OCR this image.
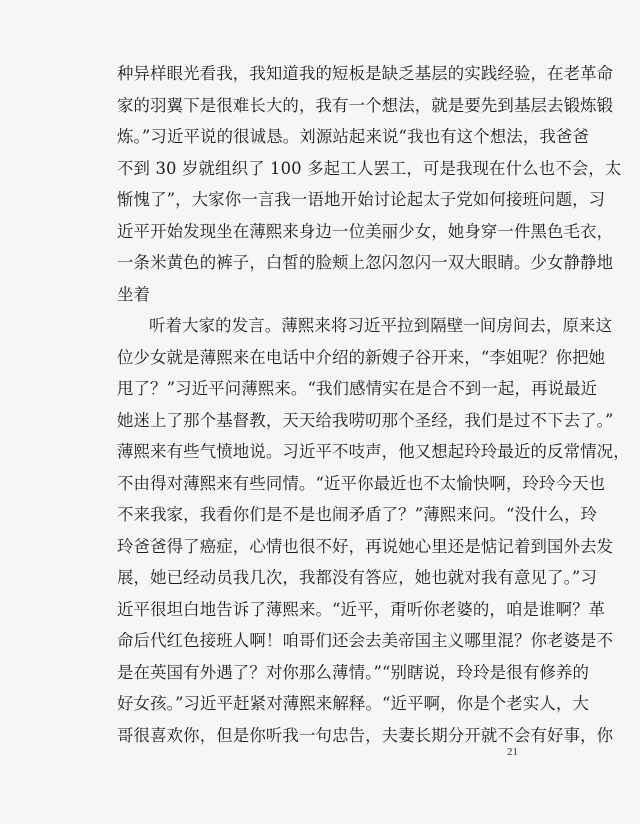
种异样眼光看我，我知道我的短板是缺乏基层的实践经验，在老革命
家的羽翼下是很难长大的，我有一个想法，就是要先到基层去锻炼锻
炼。”习近平说的很诚恳。刘源站起来说“我也有这个想法，我爸爸
不到 30 岁就组织了 100 多起工人罢工，可是我现在什么也不会，太
惭愧了”，大家你一言我一语地开始讨论起太子党如何接班问题，习
近平开始发现坐在薄熙来身边一位美丽少女，她身穿一件黑色毛衣，
一条米黄色的裤子，白皙的脸颊上忽闪忽闪一双大眼睛。少女静静地
坐着
听着大家的发言。薄熙来将习近平拉到隔壁一间房间去，原来这
位少女就是薄熙来在电话中介绍的新嫂子谷开来，“李姐呢？你把她
甩了？”习近平问薄熙来。“我们感情实在是合不到一起，再说最近
她迷上了那个基督教，天天给我唠叨那个圣经，我们是过不下去了。”
薄熙来有些气愤地说。习近平不吱声，他又想起玲玲最近的反常情况，
不由得对薄熙来有些同情。“近平你最近也不太愉快啊，玲玲今天也
不来我家，我看你们是不是也闹矛盾了？”薄熙来问。“没什么，玲
玲爸爸得了癌症，心情也很不好，再说她心里还是惦记着到国外去发
展，她已经动员我几次，我都没有答应，她也就对我有意见了。”习
近平很坦白地告诉了薄熙来。“近平，甭听你老婆的，咱是谁啊？革
命后代红色接班人啊！咱哥们还会去美帝国主义哪里混？你老婆是不
是在英国有外遇了？对你那么薄情。”“别瞎说，玲玲是很有修养的
好女孩。”习近平赶紧对薄熙来解释。“近平啊，你是个老实人，大
哥很喜欢你，但是你听我一句忠告，夫妻长期分开就不会有好事，你
21
